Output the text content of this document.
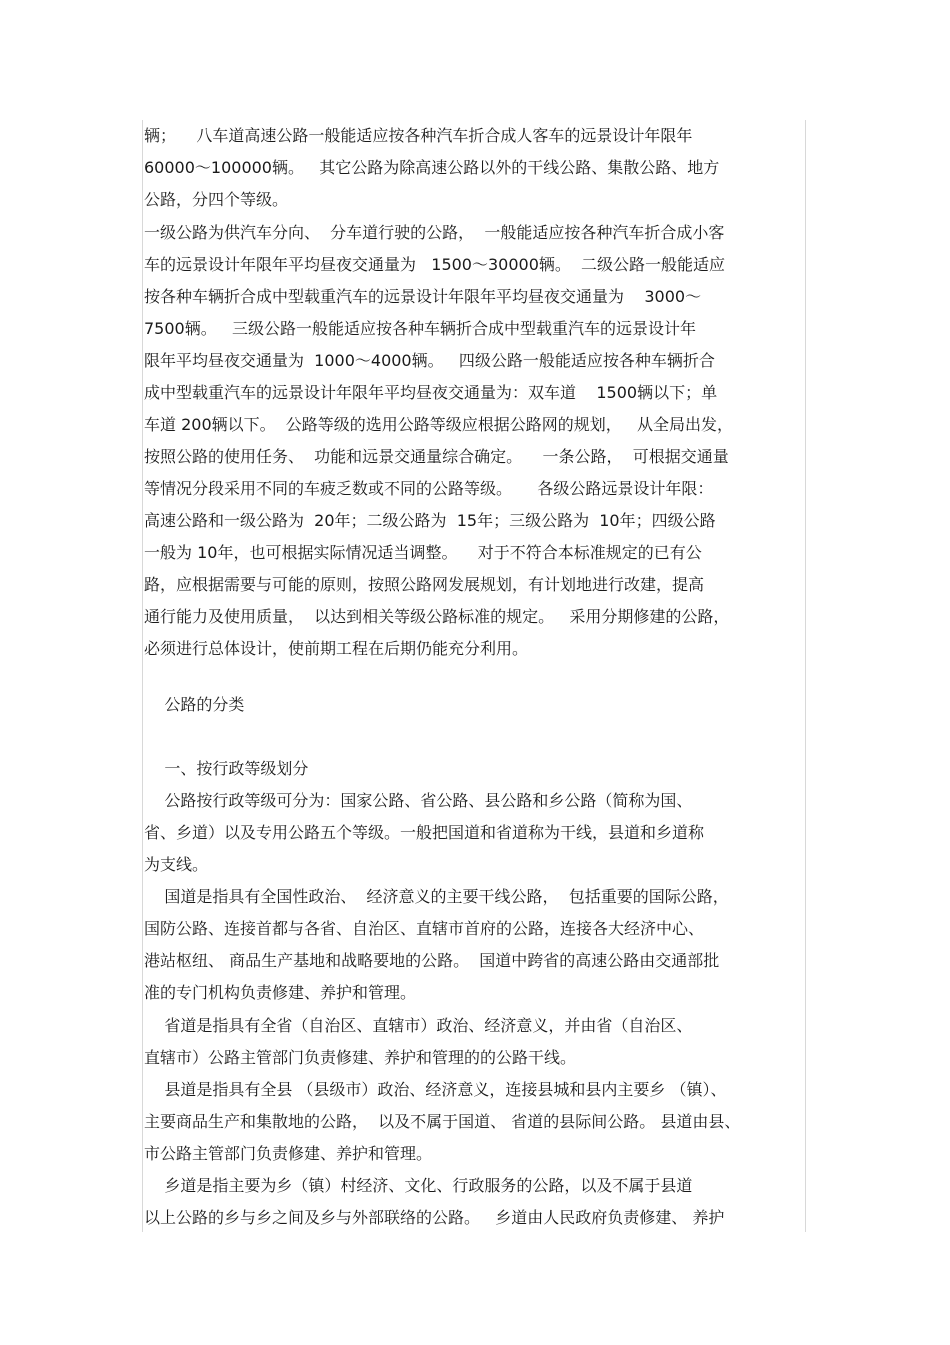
辆；    八车道高速公路一般能适应按各种汽车折合成人客车的远景设计年限年
60000～100000辆。   其它公路为除高速公路以外的干线公路、集散公路、地方
公路，分四个等级。
一级公路为供汽车分向、  分车道行驶的公路，  一般能适应按各种汽车折合成小客
车的远景设计年限年平均昼夜交通量为   1500～30000辆。  二级公路一般能适应
按各种车辆折合成中型载重汽车的远景设计年限年平均昼夜交通量为    3000～
7500辆。   三级公路一般能适应按各种车辆折合成中型载重汽车的远景设计年
限年平均昼夜交通量为  1000～4000辆。   四级公路一般能适应按各种车辆折合
成中型载重汽车的远景设计年限年平均昼夜交通量为：双车道    1500辆以下；单
车道 200辆以下。  公路等级的选用公路等级应根据公路网的规划，   从全局出发，
按照公路的使用任务、  功能和远景交通量综合确定。    一条公路，  可根据交通量
等情况分段采用不同的车疲乏数或不同的公路等级。     各级公路远景设计年限：
高速公路和一级公路为  20年；二级公路为  15年；三级公路为  10年；四级公路
一般为 10年，也可根据实际情况适当调整。    对于不符合本标准规定的已有公
路，应根据需要与可能的原则，按照公路网发展规划，有计划地进行改建，提高
通行能力及使用质量，  以达到相关等级公路标准的规定。   采用分期修建的公路，
必须进行总体设计，使前期工程在后期仍能充分利用。
公路的分类
一、按行政等级划分
公路按行政等级可分为：国家公路、省公路、县公路和乡公路（简称为国、
省、乡道）以及专用公路五个等级。一般把国道和省道称为干线，县道和乡道称
为支线。
国道是指具有全国性政治、  经济意义的主要干线公路，  包括重要的国际公路，
国防公路、连接首都与各省、自治区、直辖市首府的公路，连接各大经济中心、
港站枢纽、 商品生产基地和战略要地的公路。  国道中跨省的高速公路由交通部批
准的专门机构负责修建、养护和管理。
省道是指具有全省（自治区、直辖市）政治、经济意义，并由省（自治区、
直辖市）公路主管部门负责修建、养护和管理的的公路干线。
县道是指具有全县 （县级市）政治、经济意义，连接县城和县内主要乡 （镇）、
主要商品生产和集散地的公路，  以及不属于国道、 省道的县际间公路。 县道由县、
市公路主管部门负责修建、养护和管理。
乡道是指主要为乡（镇）村经济、文化、行政服务的公路，以及不属于县道
以上公路的乡与乡之间及乡与外部联络的公路。   乡道由人民政府负责修建、 养护
